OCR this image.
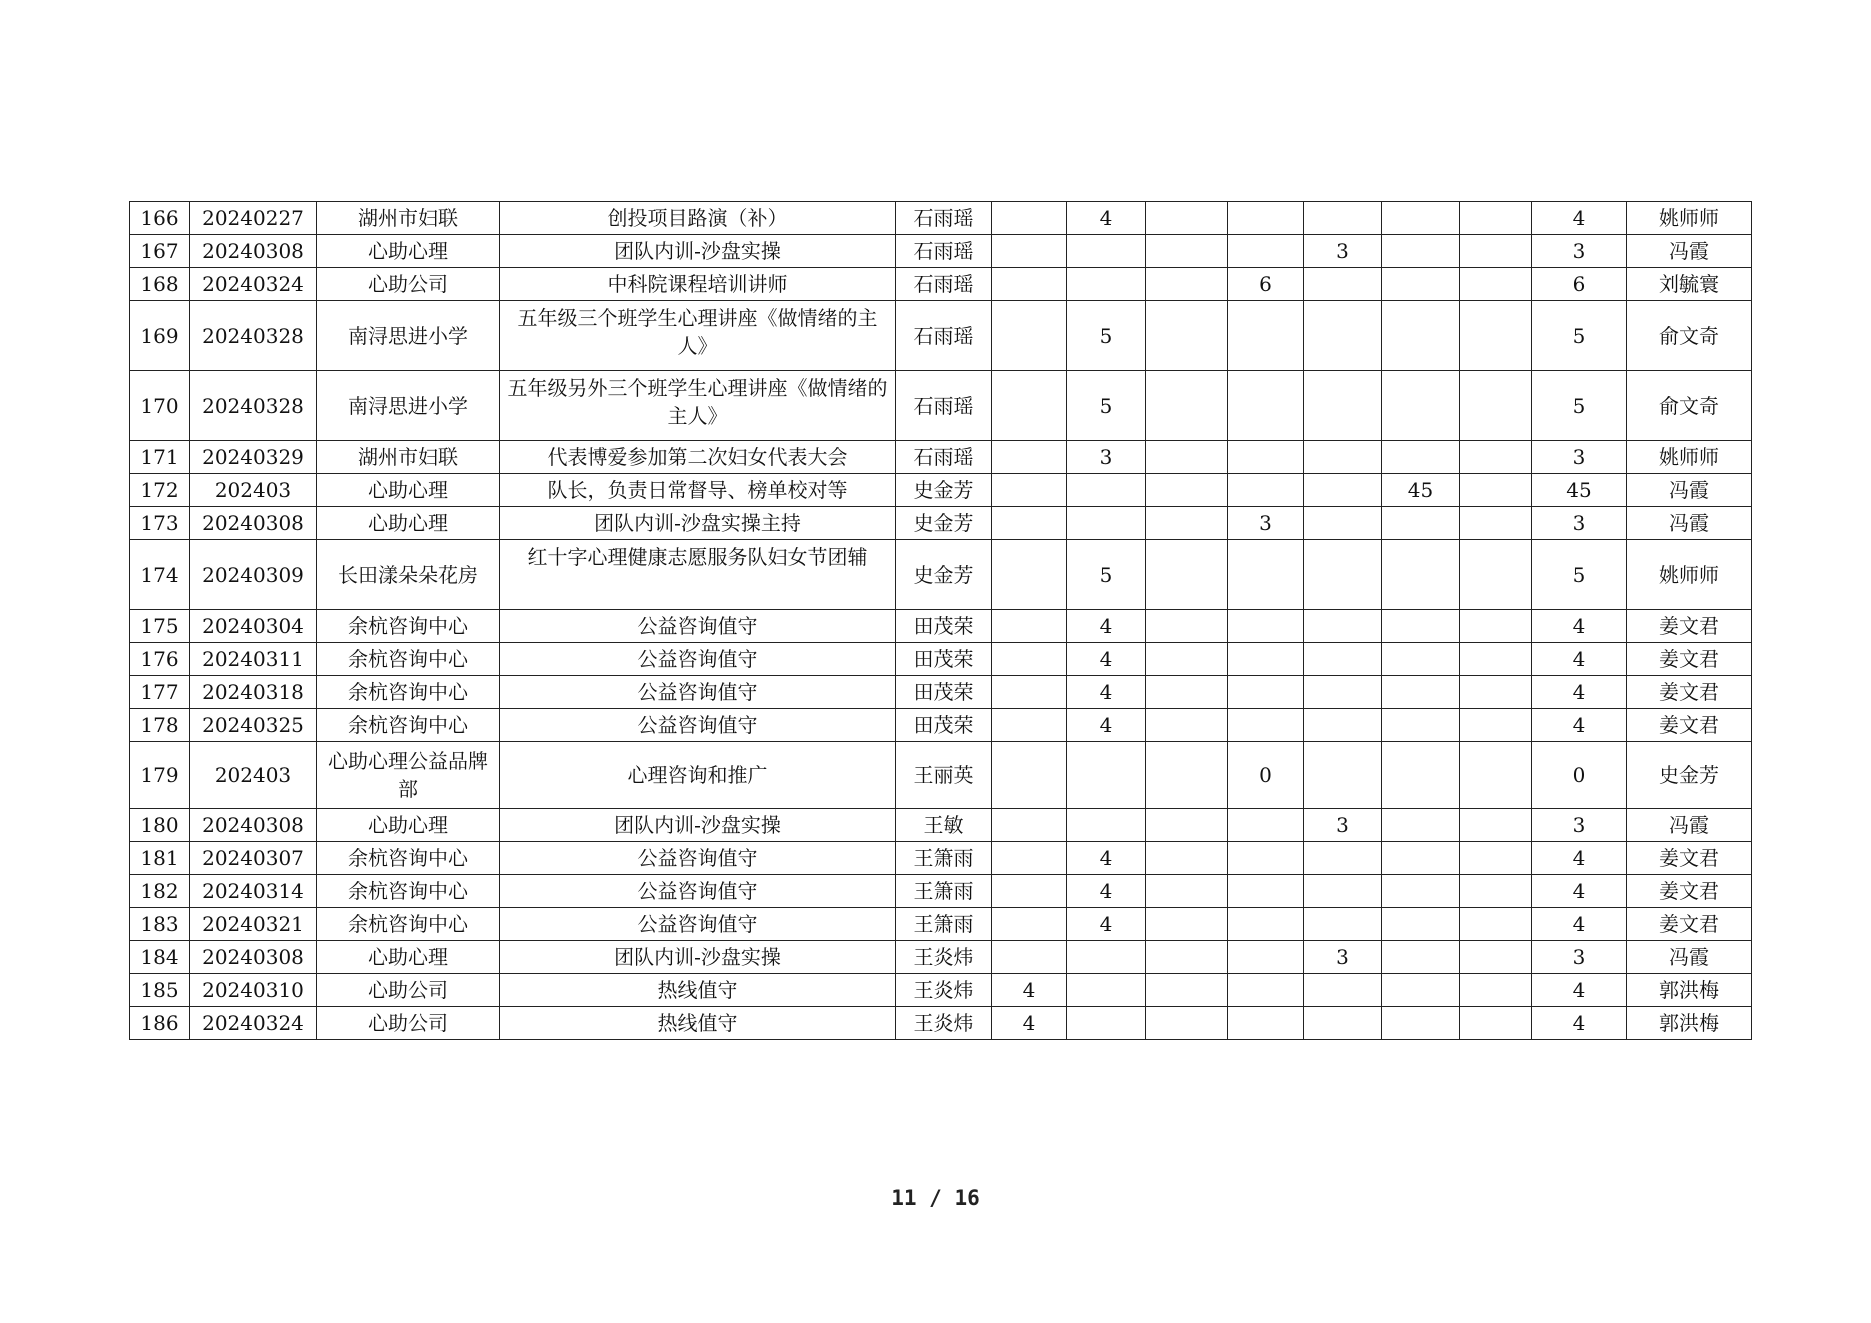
166	20240227	湖州市妇联	创投项目路演（补）	石雨瑶		4						4	姚师师
167	20240308	心助心理	团队内训-沙盘实操	石雨瑶					3			3	冯霞
168	20240324	心助公司	中科院课程培训讲师	石雨瑶				6				6	刘毓寰
169	20240328	南浔思进小学	五年级三个班学生心理讲座《做情绪的主人》	石雨瑶		5						5	俞文奇
170	20240328	南浔思进小学	五年级另外三个班学生心理讲座《做情绪的主人》	石雨瑶		5						5	俞文奇
171	20240329	湖州市妇联	代表博爱参加第二次妇女代表大会	石雨瑶		3						3	姚师师
172	202403	心助心理	队长，负责日常督导、榜单校对等	史金芳						45		45	冯霞
173	20240308	心助心理	团队内训-沙盘实操主持	史金芳				3				3	冯霞
174	20240309	长田漾朵朵花房	红十字心理健康志愿服务队妇女节团辅	史金芳		5						5	姚师师
175	20240304	余杭咨询中心	公益咨询值守	田茂荣		4						4	姜文君
176	20240311	余杭咨询中心	公益咨询值守	田茂荣		4						4	姜文君
177	20240318	余杭咨询中心	公益咨询值守	田茂荣		4						4	姜文君
178	20240325	余杭咨询中心	公益咨询值守	田茂荣		4						4	姜文君
179	202403	心助心理公益品牌部	心理咨询和推广	王丽英				0				0	史金芳
180	20240308	心助心理	团队内训-沙盘实操	王敏					3			3	冯霞
181	20240307	余杭咨询中心	公益咨询值守	王箫雨		4						4	姜文君
182	20240314	余杭咨询中心	公益咨询值守	王箫雨		4						4	姜文君
183	20240321	余杭咨询中心	公益咨询值守	王箫雨		4						4	姜文君
184	20240308	心助心理	团队内训-沙盘实操	王炎炜					3			3	冯霞
185	20240310	心助公司	热线值守	王炎炜	4							4	郭洪梅
186	20240324	心助公司	热线值守	王炎炜	4							4	郭洪梅
11 / 16
